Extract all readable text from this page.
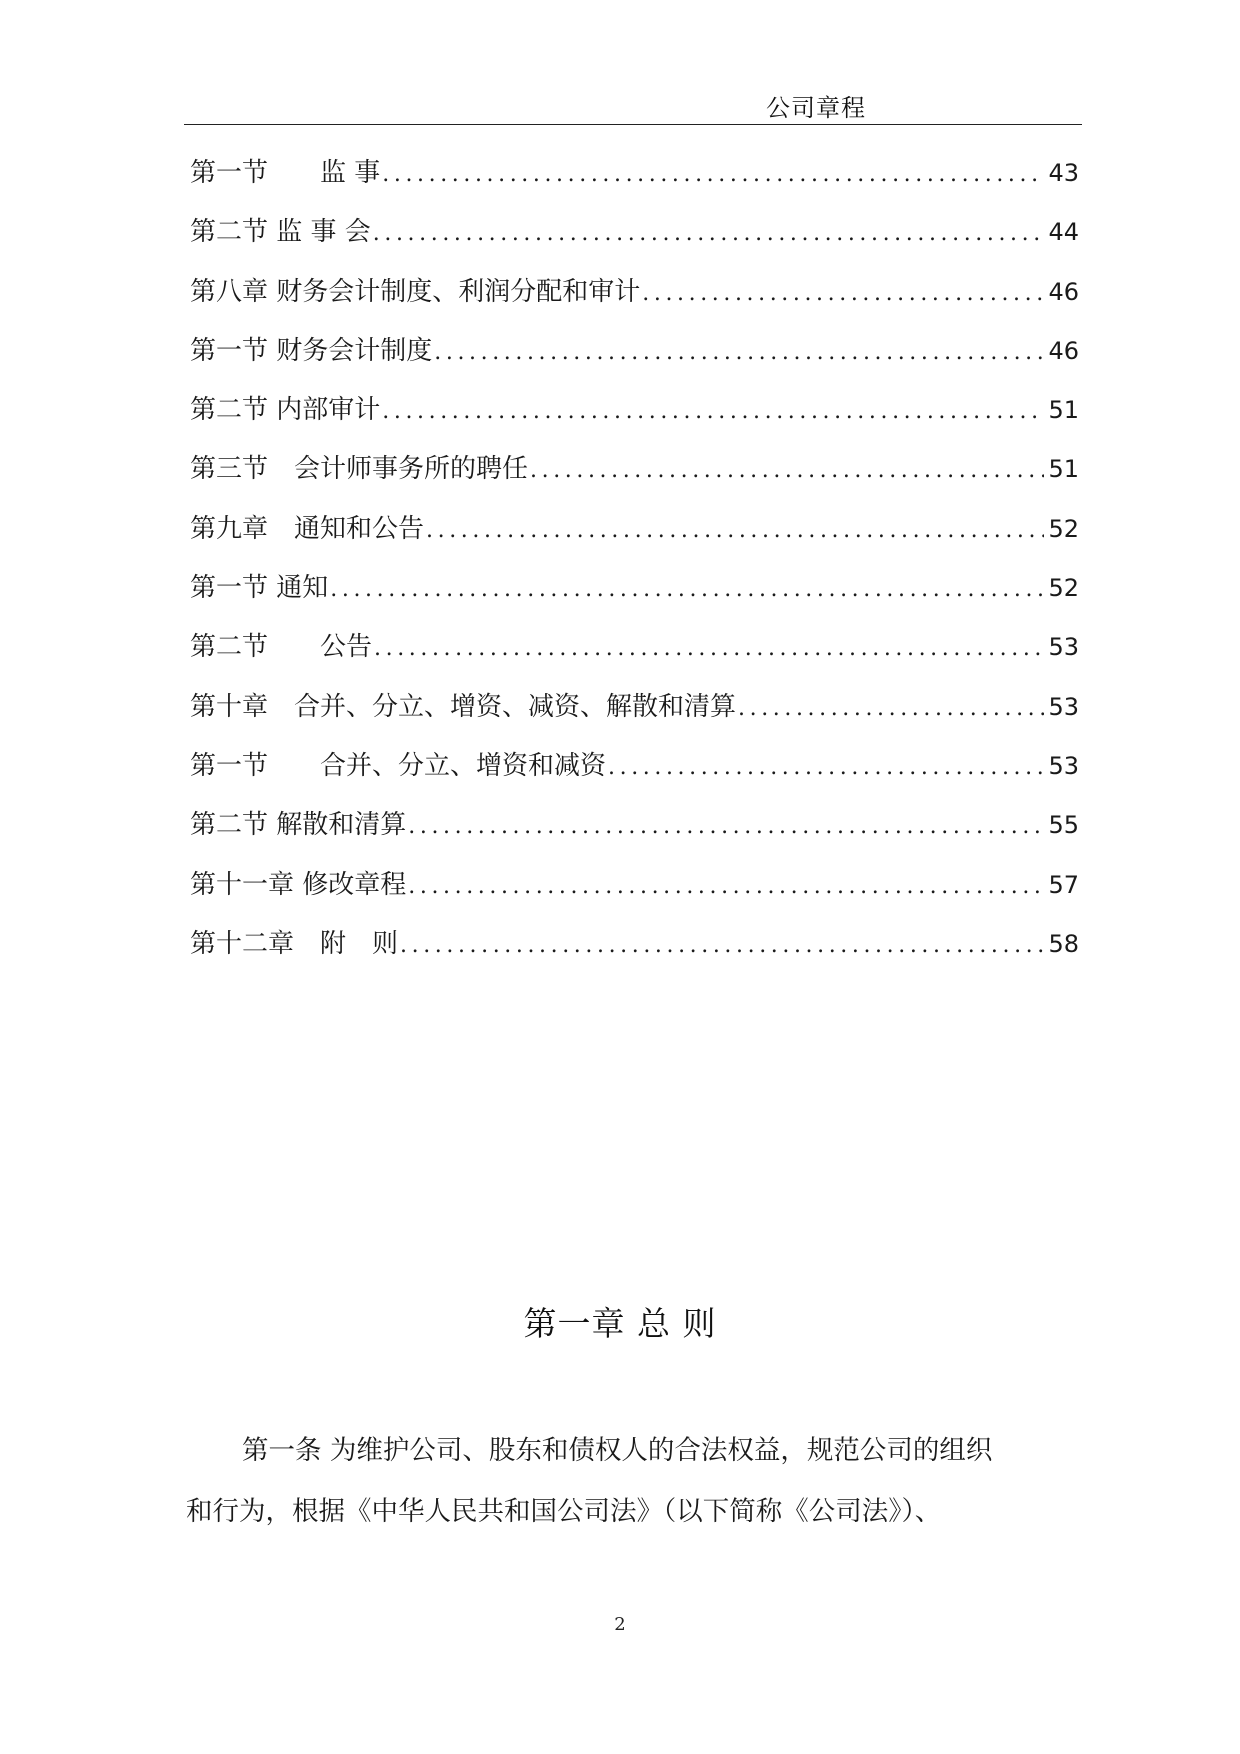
公司章程
第一节　　监 事 . . .	43
第二节 监 事 会 . . .	44
第八章 财务会计制度、利润分配和审计 . . .	46
第一节 财务会计制度 . . .	46
第二节 内部审计 . . .	51
第三节　会计师事务所的聘任 . . .	51
第九章　通知和公告 . . .	52
第一节 通知 . . .	52
第二节　　公告 . . .	53
第十章　合并、分立、增资、减资、解散和清算 . . .	53
第一节　　合并、分立、增资和减资 . . .	53
第二节 解散和清算 . . .	55
第十一章 修改章程 . . .	57
第十二章　附　则 . . .	58
第一章 总 则
第一条 为维护公司、股东和债权人的合法权益，规范公司的组织
和行为，根据《中华人民共和国公司法》（以下简称《公司法》）、
2
